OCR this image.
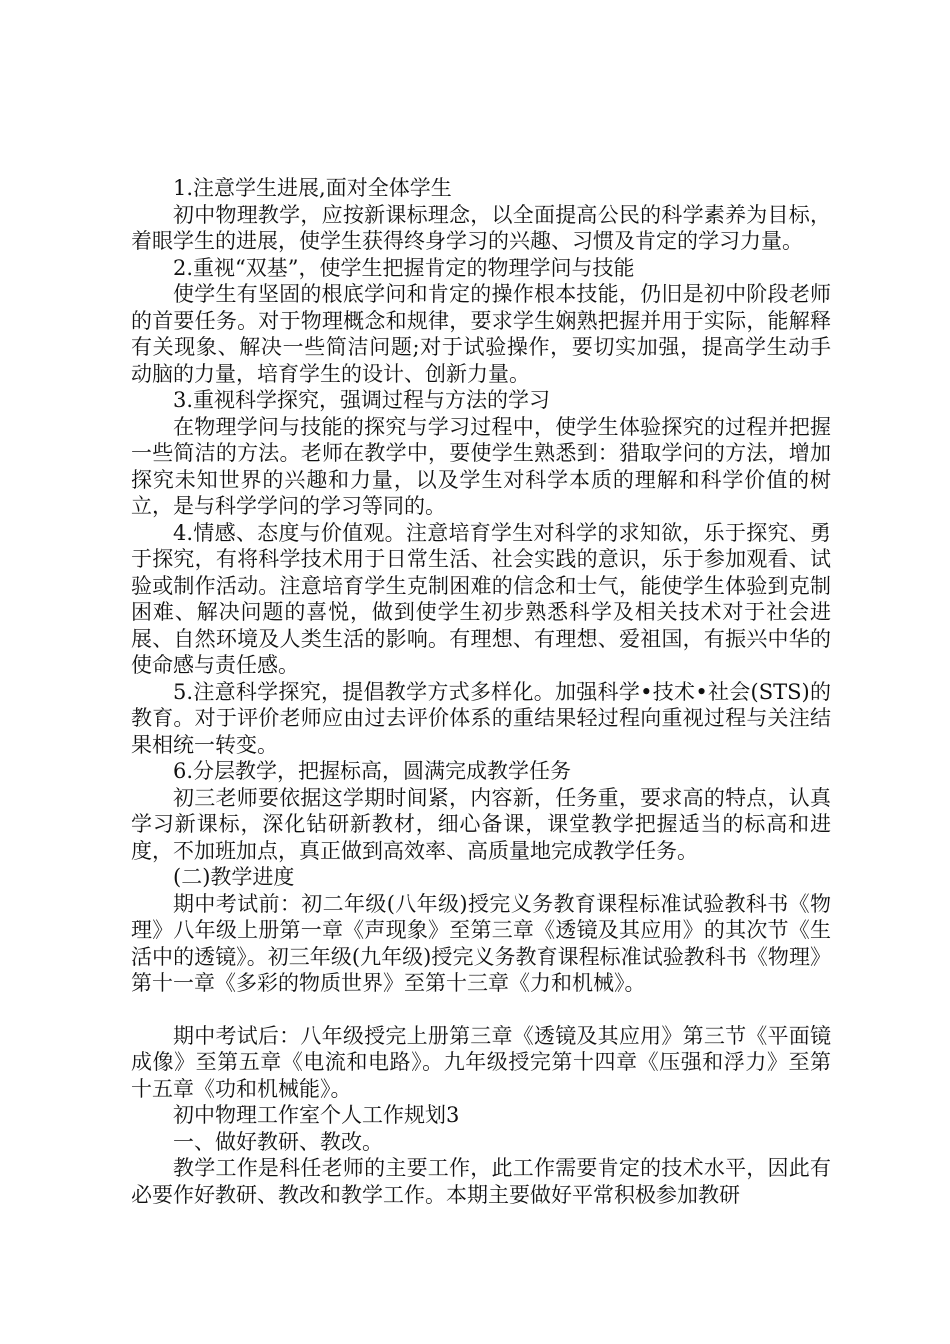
1.注意学生进展,面对全体学生

初中物理教学，应按新课标理念，以全面提高公民的科学素养为目标，着眼学生的进展，使学生获得终身学习的兴趣、习惯及肯定的学习力量。

2.重视“双基”，使学生把握肯定的物理学问与技能

使学生有坚固的根底学问和肯定的操作根本技能，仍旧是初中阶段老师的首要任务。对于物理概念和规律，要求学生娴熟把握并用于实际，能解释有关现象、解决一些简洁问题;对于试验操作，要切实加强，提高学生动手动脑的力量，培育学生的设计、创新力量。

3.重视科学探究，强调过程与方法的学习

在物理学问与技能的探究与学习过程中，使学生体验探究的过程并把握一些简洁的方法。老师在教学中，要使学生熟悉到：猎取学问的方法，增加探究未知世界的兴趣和力量，以及学生对科学本质的理解和科学价值的树立，是与科学学问的学习等同的。

4.情感、态度与价值观。注意培育学生对科学的求知欲，乐于探究、勇于探究，有将科学技术用于日常生活、社会实践的意识，乐于参加观看、试验或制作活动。注意培育学生克制困难的信念和士气，能使学生体验到克制困难、解决问题的喜悦，做到使学生初步熟悉科学及相关技术对于社会进展、自然环境及人类生活的影响。有理想、有理想、爱祖国，有振兴中华的使命感与责任感。

5.注意科学探究，提倡教学方式多样化。加强科学•技术•社会(STS)的教育。对于评价老师应由过去评价体系的重结果轻过程向重视过程与关注结果相统一转变。

6.分层教学，把握标高，圆满完成教学任务

初三老师要依据这学期时间紧，内容新，任务重，要求高的特点，认真学习新课标，深化钻研新教材，细心备课，课堂教学把握适当的标高和进度，不加班加点，真正做到高效率、高质量地完成教学任务。

(二)教学进度

期中考试前：初二年级(八年级)授完义务教育课程标准试验教科书《物理》八年级上册第一章《声现象》至第三章《透镜及其应用》的其次节《生活中的透镜》。初三年级(九年级)授完义务教育课程标准试验教科书《物理》第十一章《多彩的物质世界》至第十三章《力和机械》。

期中考试后：八年级授完上册第三章《透镜及其应用》第三节《平面镜成像》至第五章《电流和电路》。九年级授完第十四章《压强和浮力》至第十五章《功和机械能》。

初中物理工作室个人工作规划3

一、做好教研、教改。

教学工作是科任老师的主要工作，此工作需要肯定的技术水平，因此有必要作好教研、教改和教学工作。本期主要做好平常积极参加教研
